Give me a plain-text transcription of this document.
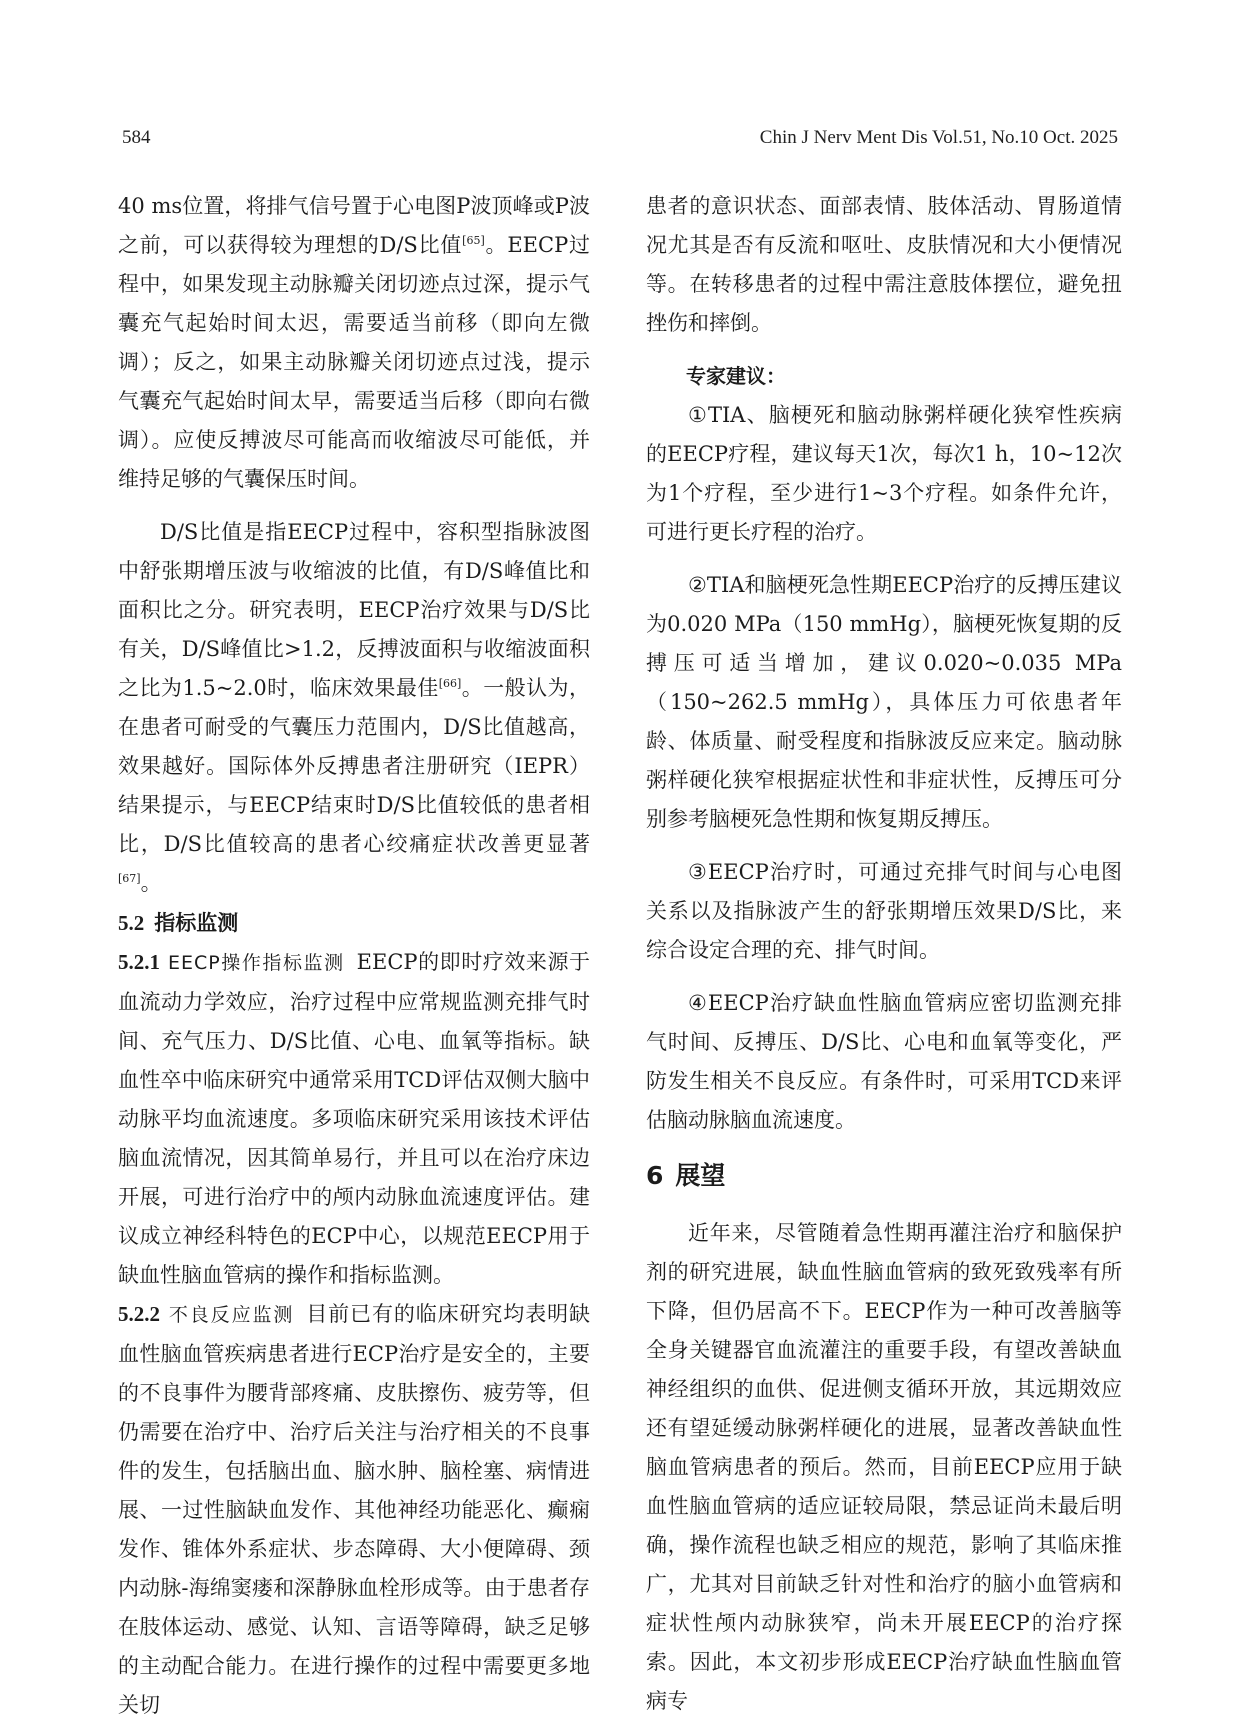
584	Chin J Nerv Ment Dis Vol.51, No.10 Oct. 2025

40 ms位置，将排气信号置于心电图P波顶峰或P波之前，可以获得较为理想的D/S比值[65]。EECP过程中，如果发现主动脉瓣关闭切迹点过深，提示气囊充气起始时间太迟，需要适当前移（即向左微调）；反之，如果主动脉瓣关闭切迹点过浅，提示气囊充气起始时间太早，需要适当后移（即向右微调）。应使反搏波尽可能高而收缩波尽可能低，并维持足够的气囊保压时间。

D/S比值是指EECP过程中，容积型指脉波图中舒张期增压波与收缩波的比值，有D/S峰值比和面积比之分。研究表明，EECP治疗效果与D/S比有关，D/S峰值比>1.2，反搏波面积与收缩波面积之比为1.5~2.0时，临床效果最佳[66]。一般认为，在患者可耐受的气囊压力范围内，D/S比值越高，效果越好。国际体外反搏患者注册研究（IEPR）结果提示，与EECP结束时D/S比值较低的患者相比，D/S比值较高的患者心绞痛症状改善更显著[67]。

5.2 指标监测

5.2.1 EECP操作指标监测 EECP的即时疗效来源于血流动力学效应，治疗过程中应常规监测充排气时间、充气压力、D/S比值、心电、血氧等指标。缺血性卒中临床研究中通常采用TCD评估双侧大脑中动脉平均血流速度。多项临床研究采用该技术评估脑血流情况，因其简单易行，并且可以在治疗床边开展，可进行治疗中的颅内动脉血流速度评估。建议成立神经科特色的ECP中心，以规范EECP用于缺血性脑血管病的操作和指标监测。

5.2.2 不良反应监测 目前已有的临床研究均表明缺血性脑血管疾病患者进行ECP治疗是安全的，主要的不良事件为腰背部疼痛、皮肤擦伤、疲劳等，但仍需要在治疗中、治疗后关注与治疗相关的不良事件的发生，包括脑出血、脑水肿、脑栓塞、病情进展、一过性脑缺血发作、其他神经功能恶化、癫痫发作、锥体外系症状、步态障碍、大小便障碍、颈内动脉-海绵窦瘘和深静脉血栓形成等。由于患者存在肢体运动、感觉、认知、言语等障碍，缺乏足够的主动配合能力。在进行操作的过程中需要更多地关切

患者的意识状态、面部表情、肢体活动、胃肠道情况尤其是否有反流和呕吐、皮肤情况和大小便情况等。在转移患者的过程中需注意肢体摆位，避免扭挫伤和摔倒。

专家建议：

①TIA、脑梗死和脑动脉粥样硬化狭窄性疾病的EECP疗程，建议每天1次，每次1 h，10~12次为1个疗程，至少进行1~3个疗程。如条件允许，可进行更长疗程的治疗。

②TIA和脑梗死急性期EECP治疗的反搏压建议为0.020 MPa（150 mmHg），脑梗死恢复期的反搏压可适当增加，建议0.020~0.035 MPa（150~262.5 mmHg），具体压力可依患者年龄、体质量、耐受程度和指脉波反应来定。脑动脉粥样硬化狭窄根据症状性和非症状性，反搏压可分别参考脑梗死急性期和恢复期反搏压。

③EECP治疗时，可通过充排气时间与心电图关系以及指脉波产生的舒张期增压效果D/S比，来综合设定合理的充、排气时间。

④EECP治疗缺血性脑血管病应密切监测充排气时间、反搏压、D/S比、心电和血氧等变化，严防发生相关不良反应。有条件时，可采用TCD来评估脑动脉脑血流速度。

6 展望

近年来，尽管随着急性期再灌注治疗和脑保护剂的研究进展，缺血性脑血管病的致死致残率有所下降，但仍居高不下。EECP作为一种可改善脑等全身关键器官血流灌注的重要手段，有望改善缺血神经组织的血供、促进侧支循环开放，其远期效应还有望延缓动脉粥样硬化的进展，显著改善缺血性脑血管病患者的预后。然而，目前EECP应用于缺血性脑血管病的适应证较局限，禁忌证尚未最后明确，操作流程也缺乏相应的规范，影响了其临床推广，尤其对目前缺乏针对性和治疗的脑小血管病和症状性颅内动脉狭窄，尚未开展EECP的治疗探索。因此，本文初步形成EECP治疗缺血性脑血管病专
